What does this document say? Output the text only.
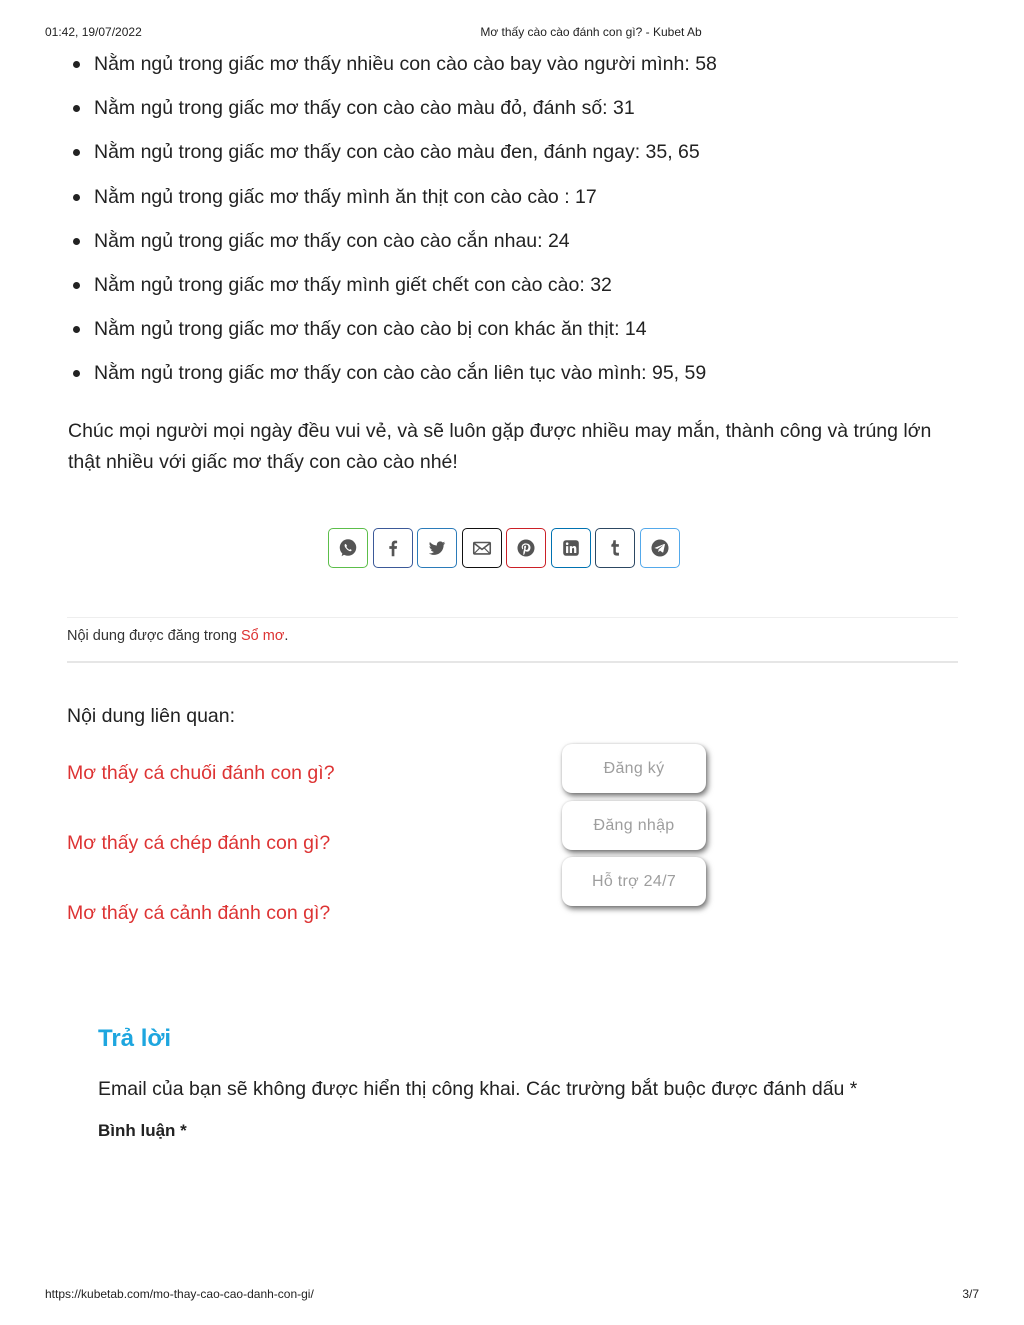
01:42, 19/07/2022	Mơ thấy cào cào đánh con gì? - Kubet Ab
Nằm ngủ trong giấc mơ thấy nhiều con cào cào bay vào người mình: 58
Nằm ngủ trong giấc mơ thấy con cào cào màu đỏ, đánh số: 31
Nằm ngủ trong giấc mơ thấy con cào cào màu đen, đánh ngay: 35, 65
Nằm ngủ trong giấc mơ thấy mình ăn thịt con cào cào : 17
Nằm ngủ trong giấc mơ thấy con cào cào cắn nhau: 24
Nằm ngủ trong giấc mơ thấy mình giết chết con cào cào: 32
Nằm ngủ trong giấc mơ thấy con cào cào bị con khác ăn thịt: 14
Nằm ngủ trong giấc mơ thấy con cào cào cắn liên tục vào mình: 95, 59

Chúc mọi người mọi ngày đều vui vẻ, và sẽ luôn gặp được nhiều may mắn, thành công và trúng lớn thật nhiều với giấc mơ thấy con cào cào nhé!

Nội dung được đăng trong Sổ mơ.
Nội dung liên quan:
Mơ thấy cá chuối đánh con gì?
Mơ thấy cá chép đánh con gì?
Mơ thấy cá cảnh đánh con gì?
Đăng ký
Đăng nhập
Hỗ trợ 24/7
Trả lời
Email của bạn sẽ không được hiển thị công khai. Các trường bắt buộc được đánh dấu *
Bình luận *
https://kubetab.com/mo-thay-cao-cao-danh-con-gi/	3/7
